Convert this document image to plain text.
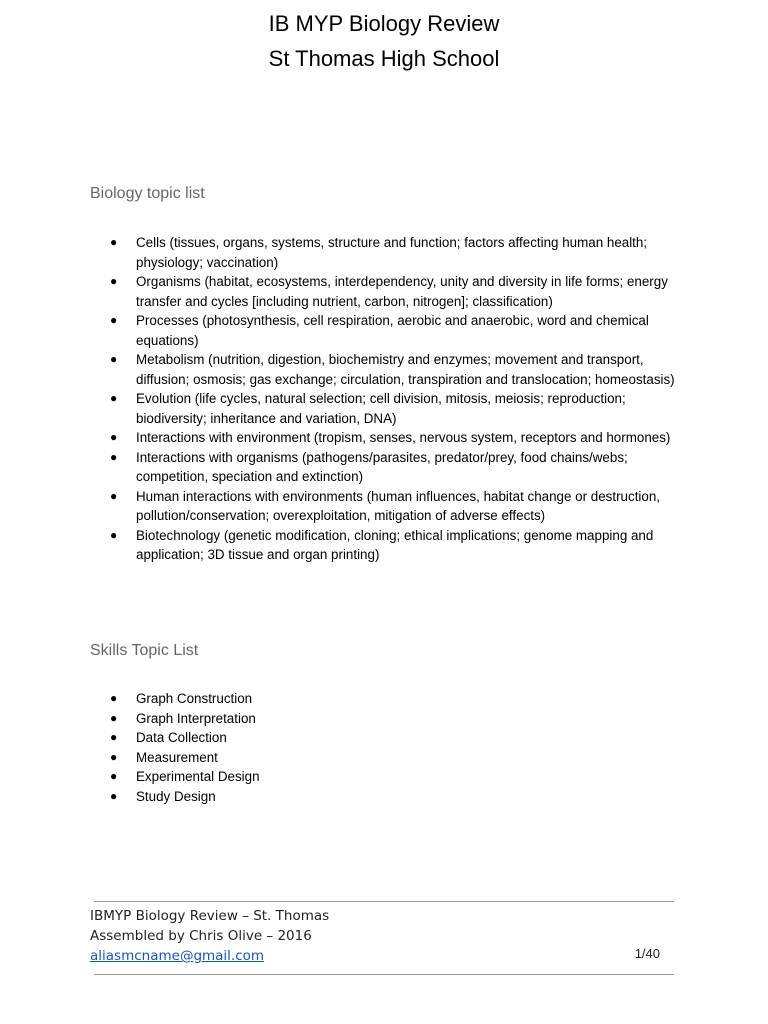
IB MYP Biology Review
St Thomas High School
Biology topic list
● Cells (tissues, organs, systems, structure and function; factors affecting human health; physiology; vaccination)
● Organisms (habitat, ecosystems, interdependency, unity and diversity in life forms; energy transfer and cycles [including nutrient, carbon, nitrogen]; classification)
● Processes (photosynthesis, cell respiration, aerobic and anaerobic, word and chemical equations)
● Metabolism (nutrition, digestion, biochemistry and enzymes; movement and transport, diffusion; osmosis; gas exchange; circulation, transpiration and translocation; homeostasis)
● Evolution (life cycles, natural selection; cell division, mitosis, meiosis; reproduction; biodiversity; inheritance and variation, DNA)
● Interactions with environment (tropism, senses, nervous system, receptors and hormones)
● Interactions with organisms (pathogens/parasites, predator/prey, food chains/webs; competition, speciation and extinction)
● Human interactions with environments (human influences, habitat change or destruction, pollution/conservation; overexploitation, mitigation of adverse effects)
● Biotechnology (genetic modification, cloning; ethical implications; genome mapping and application; 3D tissue and organ printing)
Skills Topic List
● Graph Construction
● Graph Interpretation
● Data Collection
● Measurement
● Experimental Design
● Study Design
IBMYP Biology Review – St. Thomas
Assembled by Chris Olive – 2016
aliasmcname@gmail.com	1/40
